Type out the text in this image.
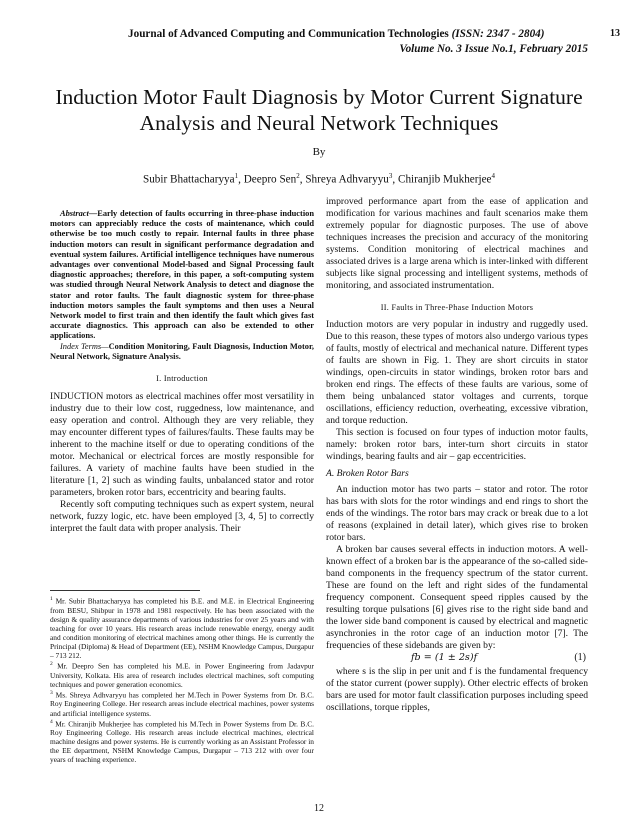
13
Journal of Advanced Computing and Communication Technologies (ISSN: 2347 - 2804)
Volume No. 3 Issue No.1, February 2015
Induction Motor Fault Diagnosis by Motor Current Signature Analysis and Neural Network Techniques
By
Subir Bhattacharyya$^1$, Deepro Sen$^2$, Shreya Adhvaryyu$^3$, Chiranjib Mukherjee$^4$

Abstract—Early detection of faults occurring in three-phase induction motors can appreciably reduce the costs of maintenance, which could otherwise be too much costly to repair. Internal faults in three phase induction motors can result in significant performance degradation and eventual system failures. Artificial intelligence techniques have numerous advantages over conventional Model-based and Signal Processing fault diagnostic approaches; therefore, in this paper, a soft-computing system was studied through Neural Network Analysis to detect and diagnose the stator and rotor faults. The fault diagnostic system for three-phase induction motors samples the fault symptoms and then uses a Neural Network model to first train and then identify the fault which gives fast accurate diagnostics. This approach can also be extended to other applications.

Index Terms—Condition Monitoring, Fault Diagnosis, Induction Motor, Neural Network, Signature Analysis.

I. Introduction

INDUCTION motors as electrical machines offer most versatility in industry due to their low cost, ruggedness, low maintenance, and easy operation and control. Although they are very reliable, they may encounter different types of failures/faults. These faults may be inherent to the machine itself or due to operating conditions of the motor. Mechanical or electrical forces are mostly responsible for failures. A variety of machine faults have been studied in the literature [1, 2] such as winding faults, unbalanced stator and rotor parameters, broken rotor bars, eccentricity and bearing faults.

Recently soft computing techniques such as expert system, neural network, fuzzy logic, etc. have been employed [3, 4, 5] to correctly interpret the fault data with proper analysis. Their

$^1$ Mr. Subir Bhattacharyya has completed his B.E. and M.E. in Electrical Engineering from BESU, Shibpur in 1978 and 1981 respectively. He has been associated with the design & quality assurance departments of various industries for over 25 years and with teaching for over 10 years. His research areas include renewable energy, energy audit and condition monitoring of electrical machines among other things. He is currently the Principal (Diploma) & Head of Department (EE), NSHM Knowledge Campus, Durgapur – 713 212.

$^2$ Mr. Deepro Sen has completed his M.E. in Power Engineering from Jadavpur University, Kolkata. His area of research includes electrical machines, soft computing techniques and power generation economics.

$^3$ Ms. Shreya Adhvaryyu has completed her M.Tech in Power Systems from Dr. B.C. Roy Engineering College. Her research areas include electrical machines, power systems and artificial intelligence systems.

$^4$ Mr. Chiranjib Mukherjee has completed his M.Tech in Power Systems from Dr. B.C. Roy Engineering College. His research areas include electrical machines, electrical machine designs and power systems. He is currently working as an Assistant Professor in the EE department, NSHM Knowledge Campus, Durgapur – 713 212 with over four years of teaching experience.

improved performance apart from the ease of application and modification for various machines and fault scenarios make them extremely popular for diagnostic purposes. The use of above techniques increases the precision and accuracy of the monitoring systems. Condition monitoring of electrical machines and associated drives is a large arena which is inter-linked with different subjects like signal processing and intelligent systems, methods of monitoring, and associated instrumentation.

II. Faults in Three-Phase Induction Motors

Induction motors are very popular in industry and ruggedly used. Due to this reason, these types of motors also undergo various types of faults, mostly of electrical and mechanical nature. Different types of faults are shown in Fig. 1. They are short circuits in stator windings, open-circuits in stator windings, broken rotor bars and broken end rings. The effects of these faults are various, some of them being unbalanced stator voltages and currents, torque oscillations, efficiency reduction, overheating, excessive vibration, and torque reduction.

This section is focused on four types of induction motor faults, namely: broken rotor bars, inter-turn short circuits in stator windings, bearing faults and air – gap eccentricities.

A. Broken Rotor Bars

An induction motor has two parts – stator and rotor. The rotor has bars with slots for the rotor windings and end rings to short the ends of the windings. The rotor bars may crack or break due to a lot of reasons (explained in detail later), which gives rise to broken rotor bars.

A broken bar causes several effects in induction motors. A well-known effect of a broken bar is the appearance of the so-called side-band components in the frequency spectrum of the stator current. These are found on the left and right sides of the fundamental frequency component. Consequent speed ripples caused by the resulting torque pulsations [6] gives rise to the right side band and the lower side band component is caused by electrical and magnetic asynchronies in the rotor cage of an induction motor [7]. The frequencies of these sidebands are given by:

fb = (1 ± 2s)f	(1)

where s is the slip in per unit and f is the fundamental frequency of the stator current (power supply). Other electric effects of broken bars are used for motor fault classification purposes including speed oscillations, torque ripples,

12
